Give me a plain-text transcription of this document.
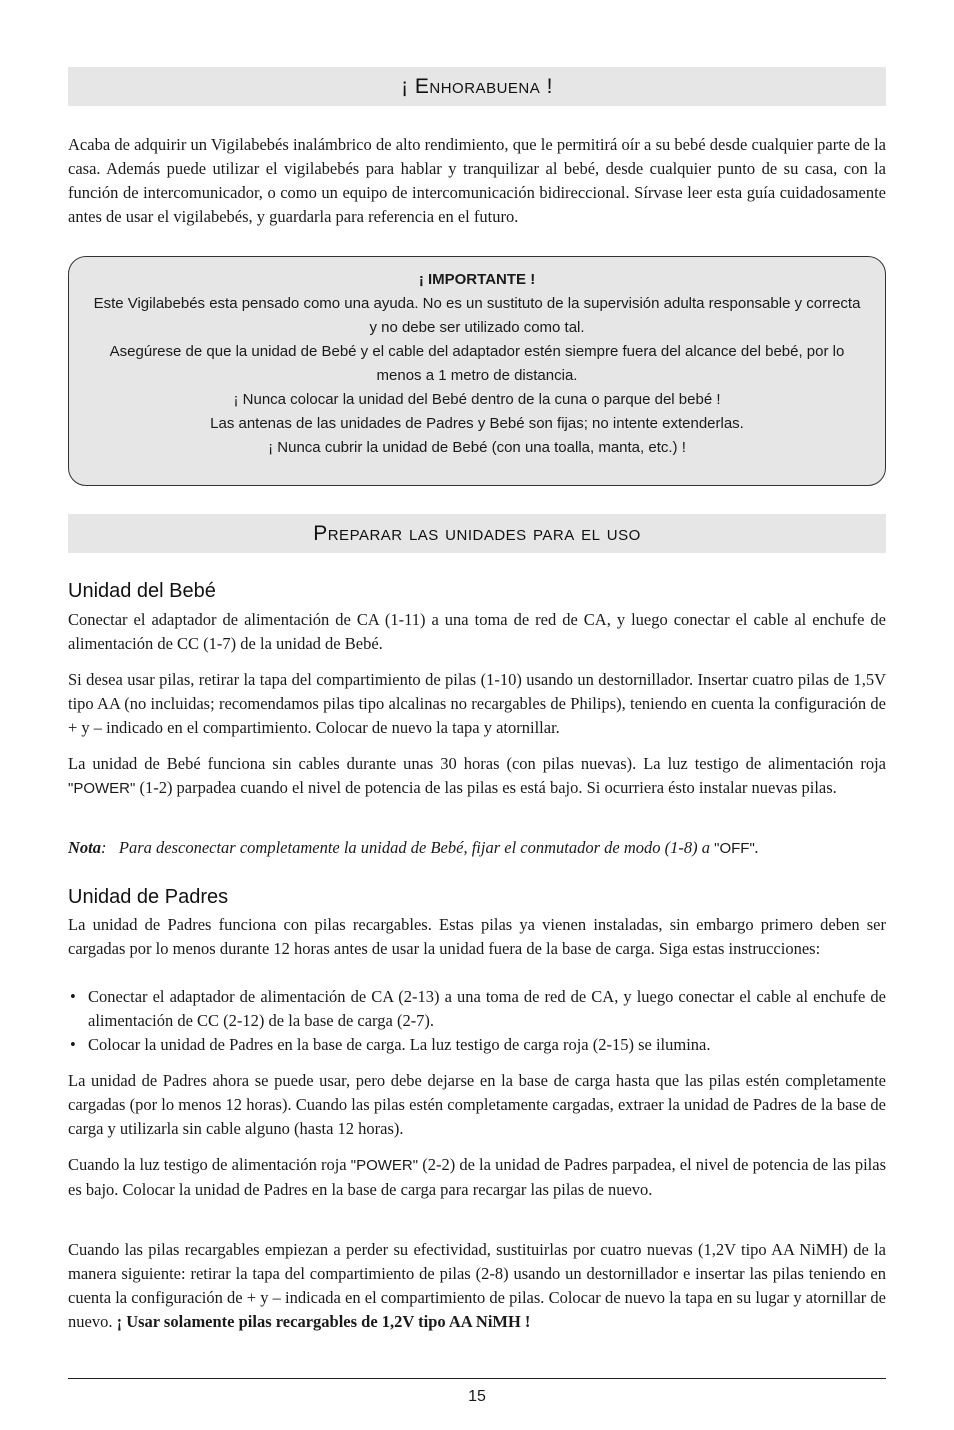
¡ Enhorabuena !

Acaba de adquirir un Vigilabebés inalámbrico de alto rendimiento, que le permitirá oír a su bebé desde cualquier parte de la casa. Además puede utilizar el vigilabebés para hablar y tranquilizar al bebé, desde cualquier punto de su casa, con la función de intercomunicador, o como un equipo de intercomunicación bidireccional. Sírvase leer esta guía cuidadosamente antes de usar el vigilabebés, y guardarla para referencia en el futuro.

¡ IMPORTANTE !
Este Vigilabebés esta pensado como una ayuda. No es un sustituto de la supervisión adulta responsable y correcta y no debe ser utilizado como tal.
Asegúrese de que la unidad de Bebé y el cable del adaptador estén siempre fuera del alcance del bebé, por lo menos a 1 metro de distancia.
¡ Nunca colocar la unidad del Bebé dentro de la cuna o parque del bebé !
Las antenas de las unidades de Padres y Bebé son fijas; no intente extenderlas.
¡ Nunca cubrir la unidad de Bebé (con una toalla, manta, etc.) !
Preparar las unidades para el uso
Unidad del Bebé

Conectar el adaptador de alimentación de CA (1-11) a una toma de red de CA, y luego conectar el cable al enchufe de alimentación de CC (1-7) de la unidad de Bebé.

Si desea usar pilas, retirar la tapa del compartimiento de pilas (1-10) usando un destornillador. Insertar cuatro pilas de 1,5V tipo AA (no incluidas; recomendamos pilas tipo alcalinas no recargables de Philips), teniendo en cuenta la configuración de + y – indicado en el compartimiento. Colocar de nuevo la tapa y atornillar.

La unidad de Bebé funciona sin cables durante unas 30 horas (con pilas nuevas). La luz testigo de alimentación roja "POWER" (1-2) parpadea cuando el nivel de potencia de las pilas es está bajo. Si ocurriera ésto instalar nuevas pilas.

Nota: Para desconectar completamente la unidad de Bebé, fijar el conmutador de modo (1-8) a "OFF".

Unidad de Padres

La unidad de Padres funciona con pilas recargables. Estas pilas ya vienen instaladas, sin embargo primero deben ser cargadas por lo menos durante 12 horas antes de usar la unidad fuera de la base de carga. Siga estas instrucciones:

• Conectar el adaptador de alimentación de CA (2-13) a una toma de red de CA, y luego conectar el cable al enchufe de alimentación de CC (2-12) de la base de carga (2-7).
• Colocar la unidad de Padres en la base de carga. La luz testigo de carga roja (2-15) se ilumina.

La unidad de Padres ahora se puede usar, pero debe dejarse en la base de carga hasta que las pilas estén completamente cargadas (por lo menos 12 horas). Cuando las pilas estén completamente cargadas, extraer la unidad de Padres de la base de carga y utilizarla sin cable alguno (hasta 12 horas).

Cuando la luz testigo de alimentación roja "POWER" (2-2) de la unidad de Padres parpadea, el nivel de potencia de las pilas es bajo. Colocar la unidad de Padres en la base de carga para recargar las pilas de nuevo.

Cuando las pilas recargables empiezan a perder su efectividad, sustituirlas por cuatro nuevas (1,2V tipo AA NiMH) de la manera siguiente: retirar la tapa del compartimiento de pilas (2-8) usando un destornillador e insertar las pilas teniendo en cuenta la configuración de + y – indicada en el compartimiento de pilas. Colocar de nuevo la tapa en su lugar y atornillar de nuevo. ¡ Usar solamente pilas recargables de 1,2V tipo AA NiMH !

15
